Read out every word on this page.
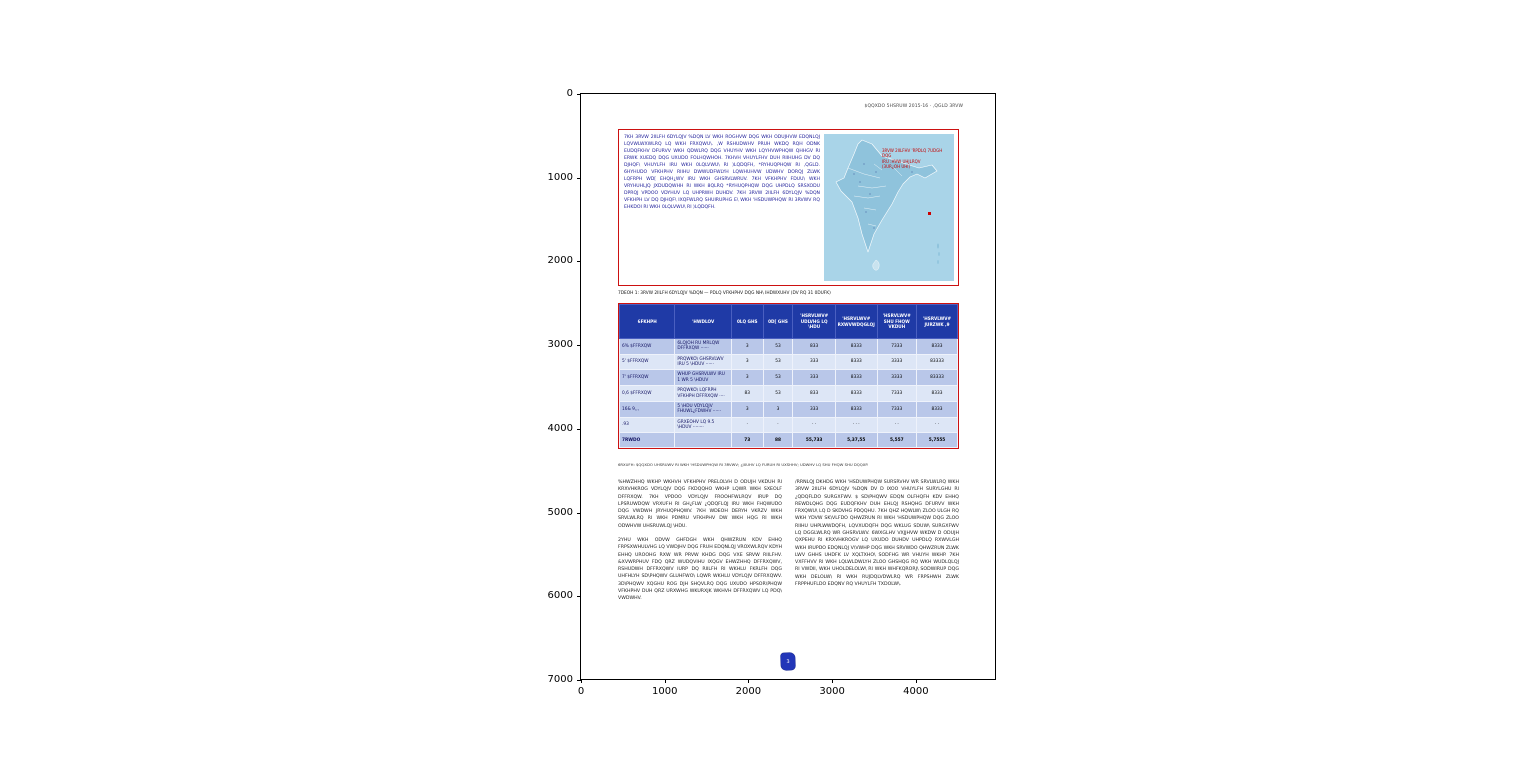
$QQXDO 5HSRUW 2015-16 · ,QGLD 3RVW
7KH 3RVW 2IILFH 6DYLQJV %DQN LV WKH ROGHVW DQG WKH ODUJHVW EDQNLQJ LQVWLWXWLRQ LQ WKH FRXQWU\. ,W RSHUDWHV PRUH WKDQ RQH ODNK EUDQFKHV DFURVV WKH QDWLRQ DQG VHUYHV WKH LQYHVWPHQW QHHGV RI ERWK XUEDQ DQG UXUDO FOLHQWHOH. 7KHVH VHUYLFHV DUH RIIHUHG DV DQ DJHQF\ VHUYLFH IRU WKH 0LQLVWU\ RI )LQDQFH, *RYHUQPHQW RI ,QGLD. 6HYHUDO VFKHPHV RIIHU DWWUDFWLYH LQWHUHVW UDWHV DORQJ ZLWK LQFRPH WD[ EHQH¿WV IRU WKH GHSRVLWRUV. 7KH VFKHPHV FDUU\ WKH VRYHUHLJQ JXDUDQWHH RI WKH 8QLRQ *RYHUQPHQW DQG UHPDLQ SRSXODU DPRQJ VPDOO VDYHUV LQ UHPRWH DUHDV. 7KH 3RVW 2IILFH 6DYLQJV %DQN VFKHPH LV DQ DJHQF\ IXQFWLRQ SHUIRUPHG E\ WKH 'HSDUWPHQW RI 3RVWV RQ EHKDOI RI WKH 0LQLVWU\ RI )LQDQFH.
3RVW 2IILFHV 'RPDLQ 7UDGH DQG
IRU :HVW UHJLRQV
(3UR¿OH UHI)
7DEOH 1: 3RVW 2IILFH 6DYLQJV %DQN — PDLQ VFKHPHV DQG NH\ IHDWXUHV (DV RQ 31 0DUFK)
6FKHPH	'HWDLOV	0LQ GHS	0D[ GHS	'HSRVLWV# UDLVHG LQ \HDU	'HSRVLWV# RXWVWDQGLQJ	'HSRVLWV# SHU FHQW VKDUH	'HSRVLWV# JURZWK ,9
6% $FFRXQW	6LQJOH RU MRLQW DFFRXQW ······	3	53	833	8333	7333	8333
5' $FFRXQW	PRQWKO\ GHSRVLWV IRU 5 \HDUV ······	3	53	333	8333	3333	83333
7' $FFRXQW	WHUP GHSRVLWV IRU 1 WR 5 \HDUV	3	53	333	8333	3333	83333
0,6 $FFRXQW	PRQWKO\ LQFRPH VFKHPH DFFRXQW ····	83	53	833	8333	7333	8333
16& 9,,,	5 \HDU VDYLQJV FHUWL¿FDWHV ······	3	3	333	8333	7333	8333
.93	GRXEOHV LQ 9.5 \HDUV ········	·	·	· ·	· · ·	· ·	· ·
7RWDO		73	88	55,733	5,37,55	5,557	5,7555
6RXUFH: $QQXDO UHSRUWV RI WKH 'HSDUWPHQW RI 3RVWV; ¿JXUHV LQ FURUH RI UXSHHV; UDWHV LQ SHU FHQW SHU DQQXP.

%HWZHHQ WKHP WKHVH VFKHPHV PRELOLVH D ODUJH VKDUH RI KRXVHKROG VDYLQJV DQG FKDQQHO WKHP LQWR WKH SXEOLF DFFRXQW. 7KH VPDOO VDYLQJV FROOHFWLRQV IRUP DQ LPSRUWDQW VRXUFH RI GH¿FLW ¿QDQFLQJ IRU WKH FHQWUDO DQG VWDWH JRYHUQPHQWV. 7KH WDEOH DERYH VKRZV WKH SRVLWLRQ RI WKH PDMRU VFKHPHV DW WKH HQG RI WKH ODWHVW UHSRUWLQJ \HDU.

2YHU WKH ODVW GHFDGH WKH QHWZRUN KDV EHHQ FRPSXWHULVHG LQ VWDJHV DQG FRUH EDQNLQJ VROXWLRQV KDYH EHHQ UROOHG RXW WR PRVW KHDG DQG VXE SRVW RIILFHV. &XVWRPHUV FDQ QRZ WUDQVIHU IXQGV EHWZHHQ DFFRXQWV, RSHUDWH DFFRXQWV IURP DQ RIILFH RI WKHLU FKRLFH DQG UHFHLYH SD\PHQWV GLUHFWO\ LQWR WKHLU VDYLQJV DFFRXQWV. 3D\PHQWV XQGHU ROG DJH SHQVLRQ DQG UXUDO HPSOR\PHQW VFKHPHV DUH QRZ URXWHG WKURXJK WKHVH DFFRXQWV LQ PDQ\ VWDWHV.

/RRNLQJ DKHDG WKH 'HSDUWPHQW SURSRVHV WR SRVLWLRQ WKH 3RVW 2IILFH 6DYLQJV %DQN DV D IXOO VHUYLFH SURYLGHU RI ¿QDQFLDO SURGXFWV. $ SD\PHQWV EDQN OLFHQFH KDV EHHQ REWDLQHG DQG EUDQFKHV DUH EHLQJ RSHQHG DFURVV WKH FRXQWU\ LQ D SKDVHG PDQQHU. 7KH QHZ HQWLW\ ZLOO ULGH RQ WKH YDVW SK\VLFDO QHWZRUN RI WKH 'HSDUWPHQW DQG ZLOO RIIHU UHPLWWDQFH, LQVXUDQFH DQG WKLUG SDUW\ SURGXFWV LQ DGGLWLRQ WR GHSRVLWV. 6WXGLHV VXJJHVW WKDW D ODUJH QXPEHU RI KRXVHKROGV LQ UXUDO DUHDV UHPDLQ RXWVLGH WKH IRUPDO EDQNLQJ V\VWHP DQG WKH SRVWDO QHWZRUN ZLWK LWV GHHS UHDFK LV XQLTXHO\ SODFHG WR VHUYH WKHP. 7KH VXFFHVV RI WKH LQLWLDWLYH ZLOO GHSHQG RQ WKH WUDLQLQJ RI VWDII, WKH UHOLDELOLW\ RI WKH WHFKQRORJ\ SODWIRUP DQG WKH DELOLW\ RI WKH RUJDQLVDWLRQ WR FRPSHWH ZLWK FRPPHUFLDO EDQNV RQ VHUYLFH TXDOLW\.

3
0
1000
2000
3000
4000
5000
6000
7000
0	1000	2000	3000	4000
